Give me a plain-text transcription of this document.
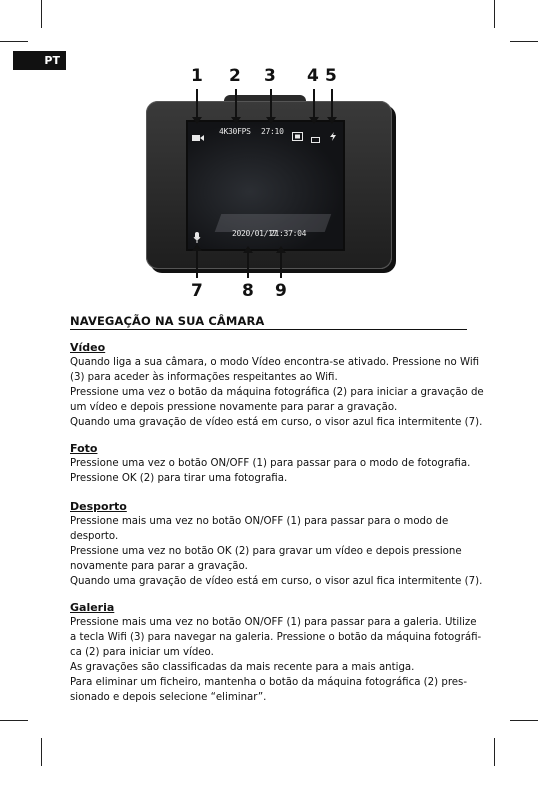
PT
4K30FPS 27:10
2020/01/17
21:37:04
1 2 3 4 5
7 8 9
NAVEGAÇÃO NA SUA CÂMARA
Vídeo
Quando liga a sua câmara, o modo Vídeo encontra-se ativado. Pressione no Wifi
(3) para aceder às informações respeitantes ao Wifi.
Pressione uma vez o botão da máquina fotográfica (2) para iniciar a gravação de
um vídeo e depois pressione novamente para parar a gravação.
Quando uma gravação de vídeo está em curso, o visor azul fica intermitente (7).
Foto
Pressione uma vez o botão ON/OFF (1) para passar para o modo de fotografia.
Pressione OK (2) para tirar uma fotografia.
Desporto
Pressione mais uma vez no botão ON/OFF (1) para passar para o modo de
desporto.
Pressione uma vez no botão OK (2) para gravar um vídeo e depois pressione
novamente para parar a gravação.
Quando uma gravação de vídeo está em curso, o visor azul fica intermitente (7).
Galeria
Pressione mais uma vez no botão ON/OFF (1) para passar para a galeria. Utilize
a tecla Wifi (3) para navegar na galeria. Pressione o botão da máquina fotográfi-
ca (2) para iniciar um vídeo.
As gravações são classificadas da mais recente para a mais antiga.
Para eliminar um ficheiro, mantenha o botão da máquina fotográfica (2) pres-
sionado e depois selecione “eliminar”.
